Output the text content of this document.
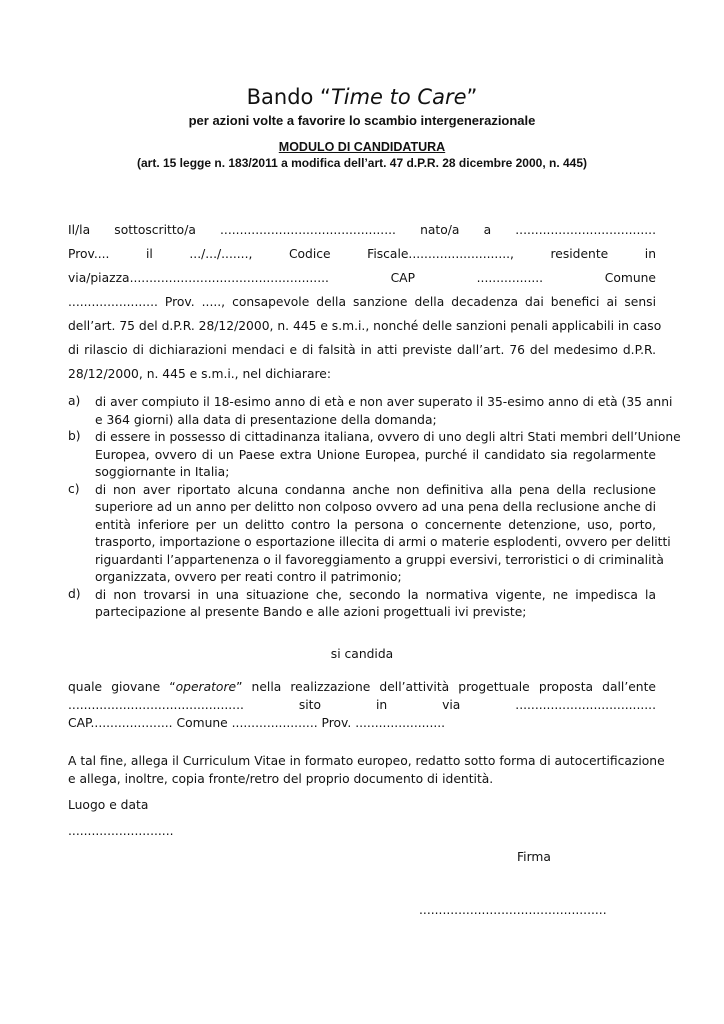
Bando “Time to Care”
per azioni volte a favorire lo scambio intergenerazionale
MODULO DI CANDIDATURA
(art. 15 legge n. 183/2011 a modifica dell’art. 47 d.P.R. 28 dicembre 2000, n. 445)
Il/la sottoscritto/a ............................................. nato/a a ....................................
Prov.... il .../.../......., Codice Fiscale.........................., residente in
via/piazza................................................... CAP ................. Comune
....................... Prov. ....., consapevole della sanzione della decadenza dai benefici ai sensi
dell’art. 75 del d.P.R. 28/12/2000, n. 445 e s.m.i., nonché delle sanzioni penali applicabili in caso
di rilascio di dichiarazioni mendaci e di falsità in atti previste dall’art. 76 del medesimo d.P.R.
28/12/2000, n. 445 e s.m.i., nel dichiarare:
a) di aver compiuto il 18-esimo anno di età e non aver superato il 35-esimo anno di età (35 anni
e 364 giorni) alla data di presentazione della domanda;
b) di essere in possesso di cittadinanza italiana, ovvero di uno degli altri Stati membri dell’Unione
Europea, ovvero di un Paese extra Unione Europea, purché il candidato sia regolarmente
soggiornante in Italia;
c) di non aver riportato alcuna condanna anche non definitiva alla pena della reclusione
superiore ad un anno per delitto non colposo ovvero ad una pena della reclusione anche di
entità inferiore per un delitto contro la persona o concernente detenzione, uso, porto,
trasporto, importazione o esportazione illecita di armi o materie esplodenti, ovvero per delitti
riguardanti l’appartenenza o il favoreggiamento a gruppi eversivi, terroristici o di criminalità
organizzata, ovvero per reati contro il patrimonio;
d) di non trovarsi in una situazione che, secondo la normativa vigente, ne impedisca la
partecipazione al presente Bando e alle azioni progettuali ivi previste;
si candida
quale giovane “operatore” nella realizzazione dell’attività progettuale proposta dall’ente
............................................. sito in via ....................................
CAP..................... Comune ...................... Prov. .......................
A tal fine, allega il Curriculum Vitae in formato europeo, redatto sotto forma di autocertificazione
e allega, inoltre, copia fronte/retro del proprio documento di identità.
Luogo e data
...........................
Firma
................................................
